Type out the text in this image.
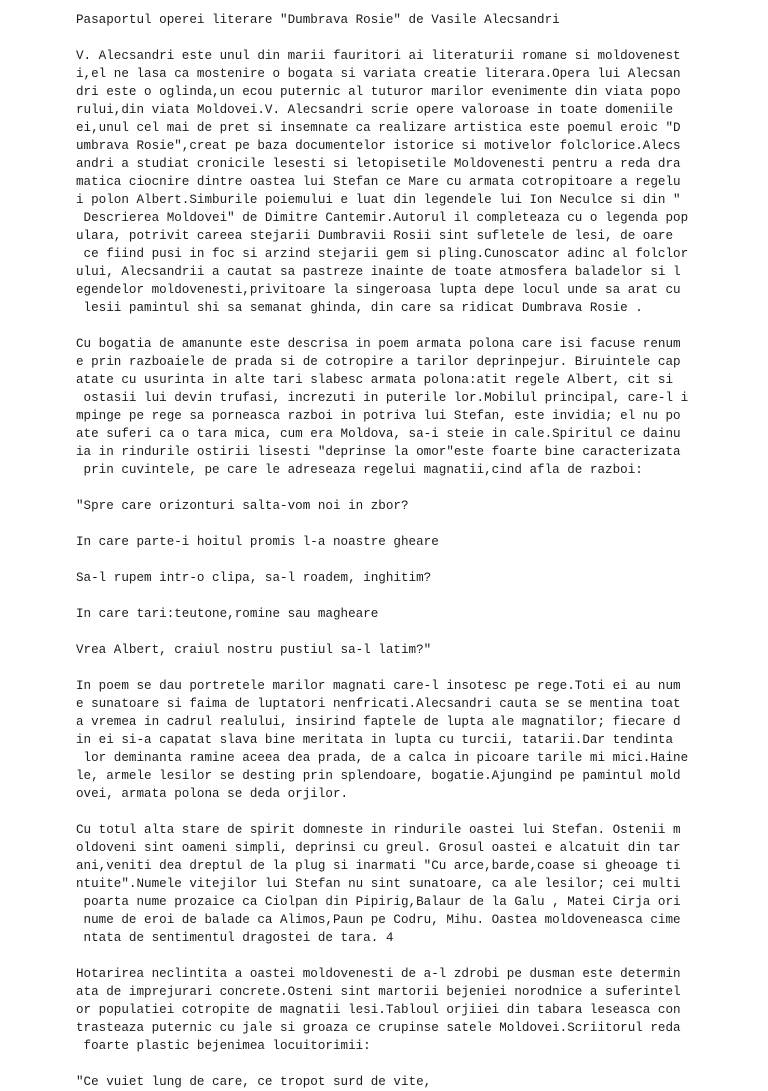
Pasaportul operei literare "Dumbrava Rosie" de Vasile Alecsandri
V. Alecsandri este unul din marii fauritori ai literaturii romane si moldovenest
i,el ne lasa ca mostenire o bogata si variata creatie literara.Opera lui Alecsan
dri este o oglinda,un ecou puternic al tuturor marilor evenimente din viata popo
rului,din viata Moldovei.V. Alecsandri scrie opere valoroase in toate domeniile
ei,unul cel mai de pret si insemnate ca realizare artistica este poemul eroic "D
umbrava Rosie",creat pe baza documentelor istorice si motivelor folclorice.Alecs
andri a studiat cronicile lesesti si letopisetile Moldovenesti pentru a reda dra
matica ciocnire dintre oastea lui Stefan ce Mare cu armata cotropitoare a regelu
i polon Albert.Simburile poiemului e luat din legendele lui Ion Neculce si din "
Descrierea Moldovei" de Dimitre Cantemir.Autorul il completeaza cu o legenda pop
ulara, potrivit careea stejarii Dumbravii Rosii sint sufletele de lesi, de oare
ce fiind pusi in foc si arzind stejarii gem si pling.Cunoscator adinc al folclor
ului, Alecsandrii a cautat sa pastreze inainte de toate atmosfera baladelor si l
egendelor moldovenesti,privitoare la singeroasa lupta depe locul unde sa arat cu
lesii pamintul shi sa semanat ghinda, din care sa ridicat Dumbrava Rosie .
Cu bogatia de amanunte este descrisa in poem armata polona care isi facuse renum
e prin razboaiele de prada si de cotropire a tarilor deprinpejur. Biruintele cap
atate cu usurinta in alte tari slabesc armata polona:atit regele Albert, cit si
ostasii lui devin trufasi, increzuti in puterile lor.Mobilul principal, care-l i
mpinge pe rege sa porneasca razboi in potriva lui Stefan, este invidia; el nu po
ate suferi ca o tara mica, cum era Moldova, sa-i steie in cale.Spiritul ce dainu
ia in rindurile ostirii lisesti "deprinse la omor"este foarte bine caracterizata
prin cuvintele, pe care le adreseaza regelui magnatii,cind afla de razboi:
"Spre care orizonturi salta-vom noi in zbor?
In care parte-i hoitul promis l-a noastre gheare
Sa-l rupem intr-o clipa, sa-l roadem, inghitim?
In care tari:teutone,romine sau magheare
Vrea Albert, craiul nostru pustiul sa-l latim?"
In poem se dau portretele marilor magnati care-l insotesc pe rege.Toti ei au num
e sunatoare si faima de luptatori nenfricati.Alecsandri cauta se se mentina toat
a vremea in cadrul realului, insirind faptele de lupta ale magnatilor; fiecare d
in ei si-a capatat slava bine meritata in lupta cu turcii, tatarii.Dar tendinta
lor deminanta ramine aceea dea prada, de a calca in picoare tarile mi mici.Haine
le, armele lesilor se desting prin splendoare, bogatie.Ajungind pe pamintul mold
ovei, armata polona se deda orjilor.
Cu totul alta stare de spirit domneste in rindurile oastei lui Stefan. Ostenii m
oldoveni sint oameni simpli, deprinsi cu greul. Grosul oastei e alcatuit din tar
ani,veniti dea dreptul de la plug si inarmati "Cu arce,barde,coase si gheoage ti
ntuite".Numele vitejilor lui Stefan nu sint sunatoare, ca ale lesilor; cei multi
poarta nume prozaice ca Ciolpan din Pipirig,Balaur de la Galu , Matei Cirja ori
nume de eroi de balade ca Alimos,Paun pe Codru, Mihu. Oastea moldoveneasca cime
ntata de sentimentul dragostei de tara. 4
Hotarirea neclintita a oastei moldovenesti de a-l zdrobi pe dusman este determin
ata de imprejurari concrete.Osteni sint martorii bejeniei norodnice a suferintel
or populatiei cotropite de magnatii lesi.Tabloul orjiiei din tabara leseasca con
trasteaza puternic cu jale si groaza ce crupinse satele Moldovei.Scriitorul reda
foarte plastic bejenimea locuitorimii:
"Ce vuiet lung de care, ce tropot surd de vite,
